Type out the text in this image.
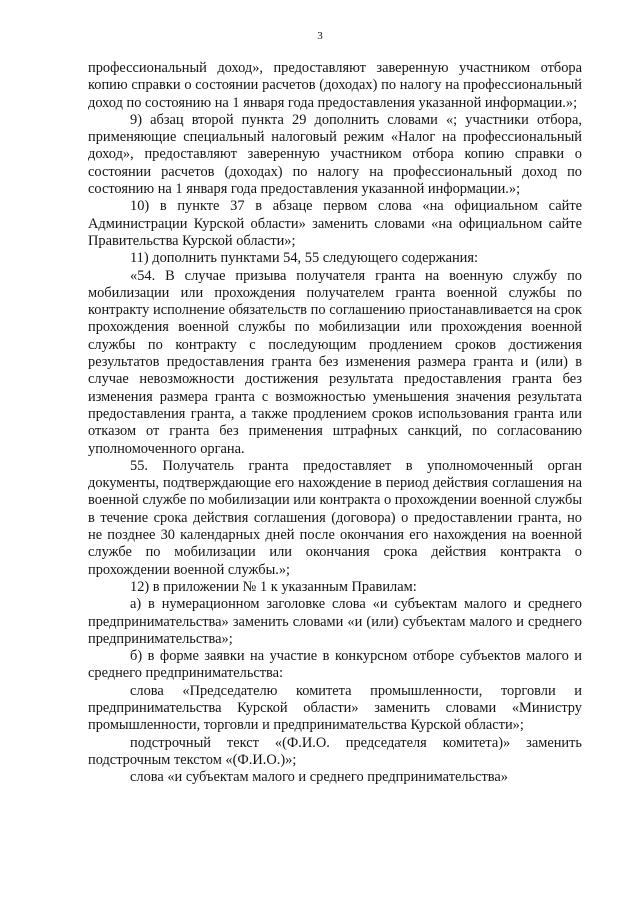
3

профессиональный доход», предоставляют заверенную участником отбора копию справки о состоянии расчетов (доходах) по налогу на профессиональный доход по состоянию на 1 января года предоставления указанной информации.»;

9) абзац второй пункта 29 дополнить словами «; участники отбора, применяющие специальный налоговый режим «Налог на профессиональный доход», предоставляют заверенную участником отбора копию справки о состоянии расчетов (доходах) по налогу на профессиональный доход по состоянию на 1 января года предоставления указанной информации.»;

10) в пункте 37 в абзаце первом слова «на официальном сайте Администрации Курской области» заменить словами «на официальном сайте Правительства Курской области»;

11) дополнить пунктами 54, 55 следующего содержания:

«54. В случае призыва получателя гранта на военную службу по мобилизации или прохождения получателем гранта военной службы по контракту исполнение обязательств по соглашению приостанавливается на срок прохождения военной службы по мобилизации или прохождения военной службы по контракту с последующим продлением сроков достижения результатов предоставления гранта без изменения размера гранта и (или) в случае невозможности достижения результата предоставления гранта без изменения размера гранта с возможностью уменьшения значения результата предоставления гранта, а также продлением сроков использования гранта или отказом от гранта без применения штрафных санкций, по согласованию уполномоченного органа.

55. Получатель гранта предоставляет в уполномоченный орган документы, подтверждающие его нахождение в период действия соглашения на военной службе по мобилизации или контракта о прохождении военной службы в течение срока действия соглашения (договора) о предоставлении гранта, но не позднее 30 календарных дней после окончания его нахождения на военной службе по мобилизации или окончания срока действия контракта о прохождении военной службы.»;

12) в приложении № 1 к указанным Правилам:

а) в нумерационном заголовке слова «и субъектам малого и среднего предпринимательства» заменить словами «и (или) субъектам малого и среднего предпринимательства»;

б) в форме заявки на участие в конкурсном отборе субъектов малого и среднего предпринимательства:

слова «Председателю комитета промышленности, торговли и предпринимательства Курской области» заменить словами «Министру промышленности, торговли и предпринимательства Курской области»;

подстрочный текст «(Ф.И.О. председателя комитета)» заменить подстрочным текстом «(Ф.И.О.)»;

слова «и субъектам малого и среднего предпринимательства»
